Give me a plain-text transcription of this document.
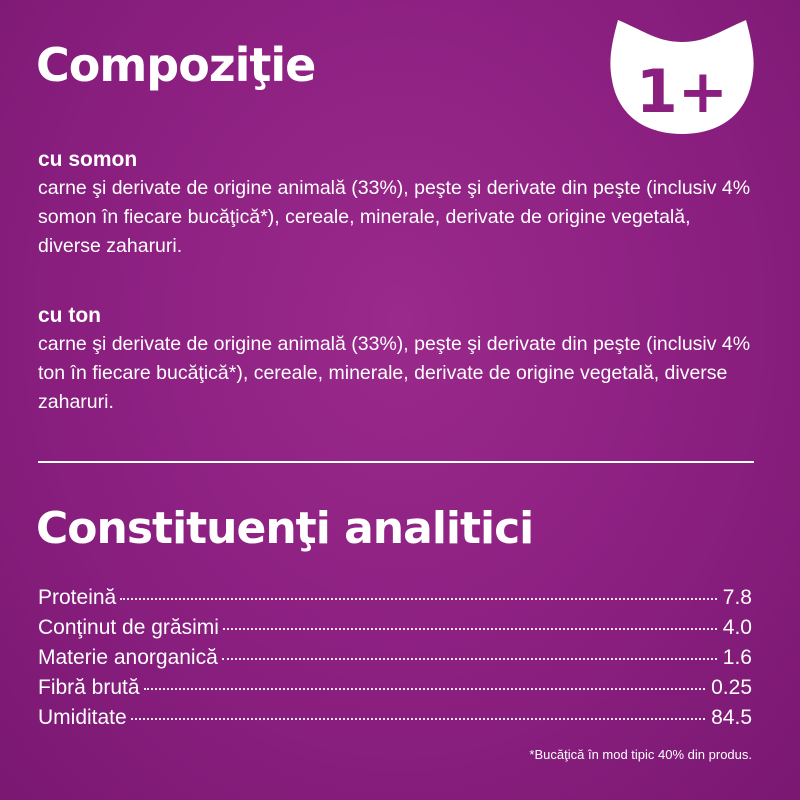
Compoziţie	1+
cu somon

carne şi derivate de origine animală (33%), peşte şi derivate din peşte (inclusiv 4% somon în fiecare bucăţică*), cereale, minerale, derivate de origine vegetală, diverse zaharuri.

cu ton

carne şi derivate de origine animală (33%), peşte şi derivate din peşte (inclusiv 4% ton în fiecare bucăţică*), cereale, minerale, derivate de origine vegetală, diverse zaharuri.

Constituenţi analitici
Proteină	7.8
Conţinut de grăsimi	4.0
Materie anorganică	1.6
Fibră brută	0.25
Umiditate	84.5
*Bucăţică în mod tipic 40% din produs.
